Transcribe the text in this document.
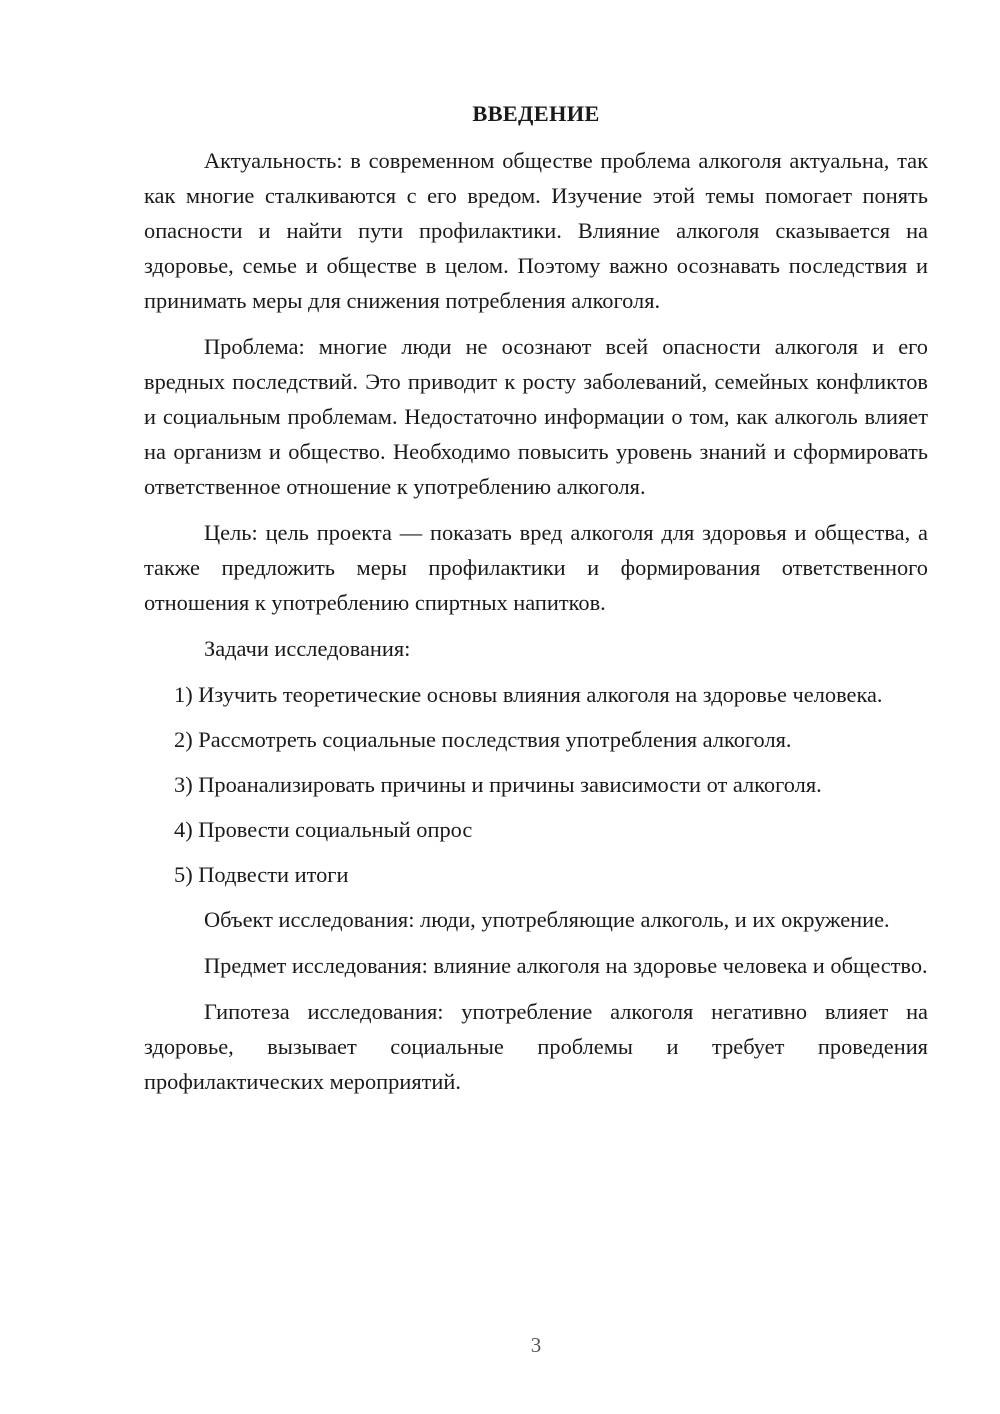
ВВЕДЕНИЕ

Актуальность: в современном обществе проблема алкоголя актуальна, так как многие сталкиваются с его вредом. Изучение этой темы помогает понять опасности и найти пути профилактики. Влияние алкоголя сказывается на здоровье, семье и обществе в целом. Поэтому важно осознавать последствия и принимать меры для снижения потребления алкоголя.

Проблема: многие люди не осознают всей опасности алкоголя и его вредных последствий. Это приводит к росту заболеваний, семейных конфликтов и социальным проблемам. Недостаточно информации о том, как алкоголь влияет на организм и общество. Необходимо повысить уровень знаний и сформировать ответственное отношение к употреблению алкоголя.

Цель: цель проекта — показать вред алкоголя для здоровья и общества, а также предложить меры профилактики и формирования ответственного отношения к употреблению спиртных напитков.

Задачи исследования:

1) Изучить теоретические основы влияния алкоголя на здоровье человека.

2) Рассмотреть социальные последствия употребления алкоголя.

3) Проанализировать причины и причины зависимости от алкоголя.

4) Провести социальный опрос

5) Подвести итоги

Объект исследования: люди, употребляющие алкоголь, и их окружение.

Предмет исследования: влияние алкоголя на здоровье человека и общество.

Гипотеза исследования: употребление алкоголя негативно влияет на здоровье, вызывает социальные проблемы и требует проведения профилактических мероприятий.

3
